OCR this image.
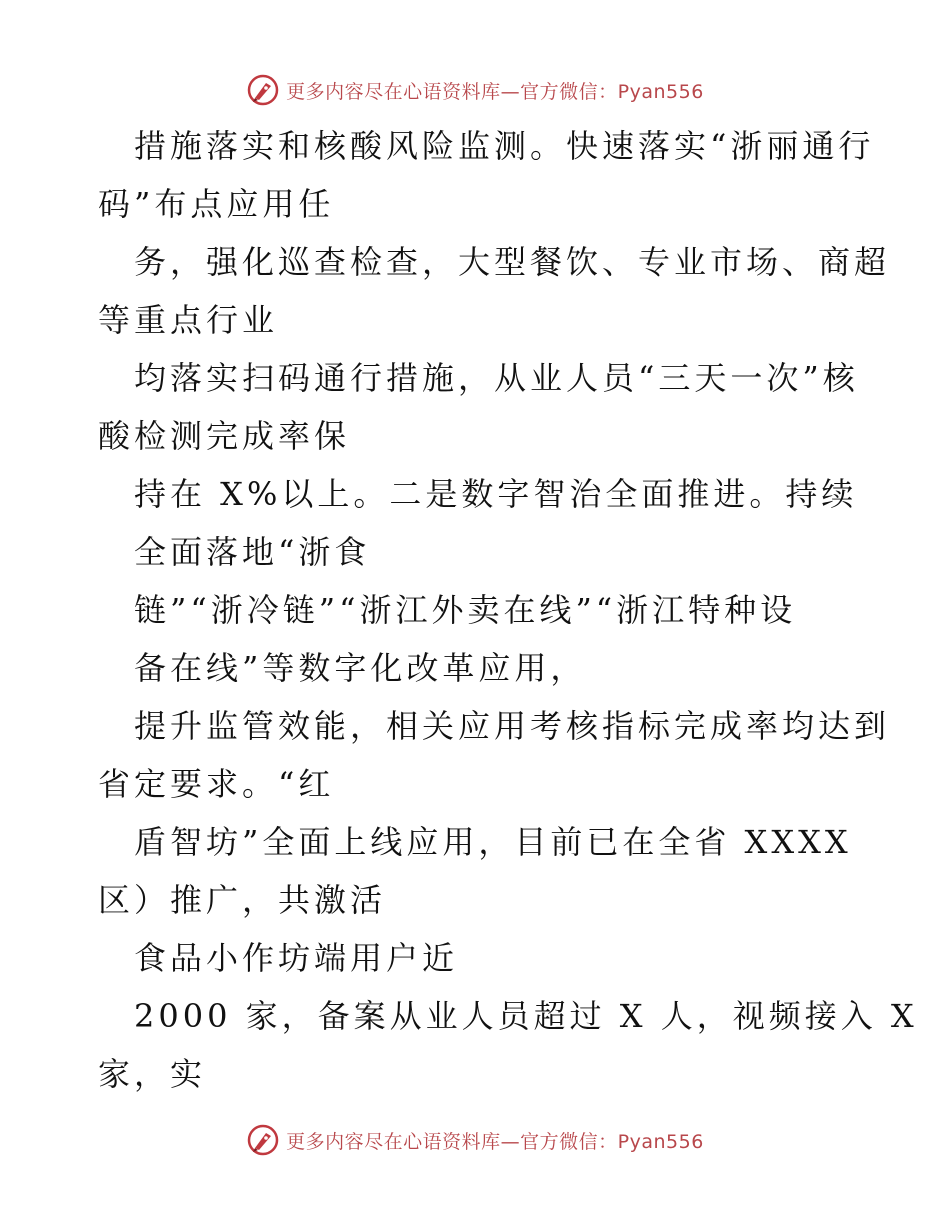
更多内容尽在心语资料库—官方微信：Pyan556
措施落实和核酸风险监测。快速落实“浙丽通行
码”布点应用任
务，强化巡查检查，大型餐饮、专业市场、商超
等重点行业
均落实扫码通行措施，从业人员“三天一次”核
酸检测完成率保
持在 X%以上。二是数字智治全面推进。持续
全面落地“浙食
链”“浙冷链”“浙江外卖在线”“浙江特种设
备在线”等数字化改革应用，
提升监管效能，相关应用考核指标完成率均达到
省定要求。“红
盾智坊”全面上线应用，目前已在全省 XXXX
区）推广，共激活
食品小作坊端用户近
2000 家，备案从业人员超过 X 人，视频接入 X
家，实
更多内容尽在心语资料库—官方微信：Pyan556
